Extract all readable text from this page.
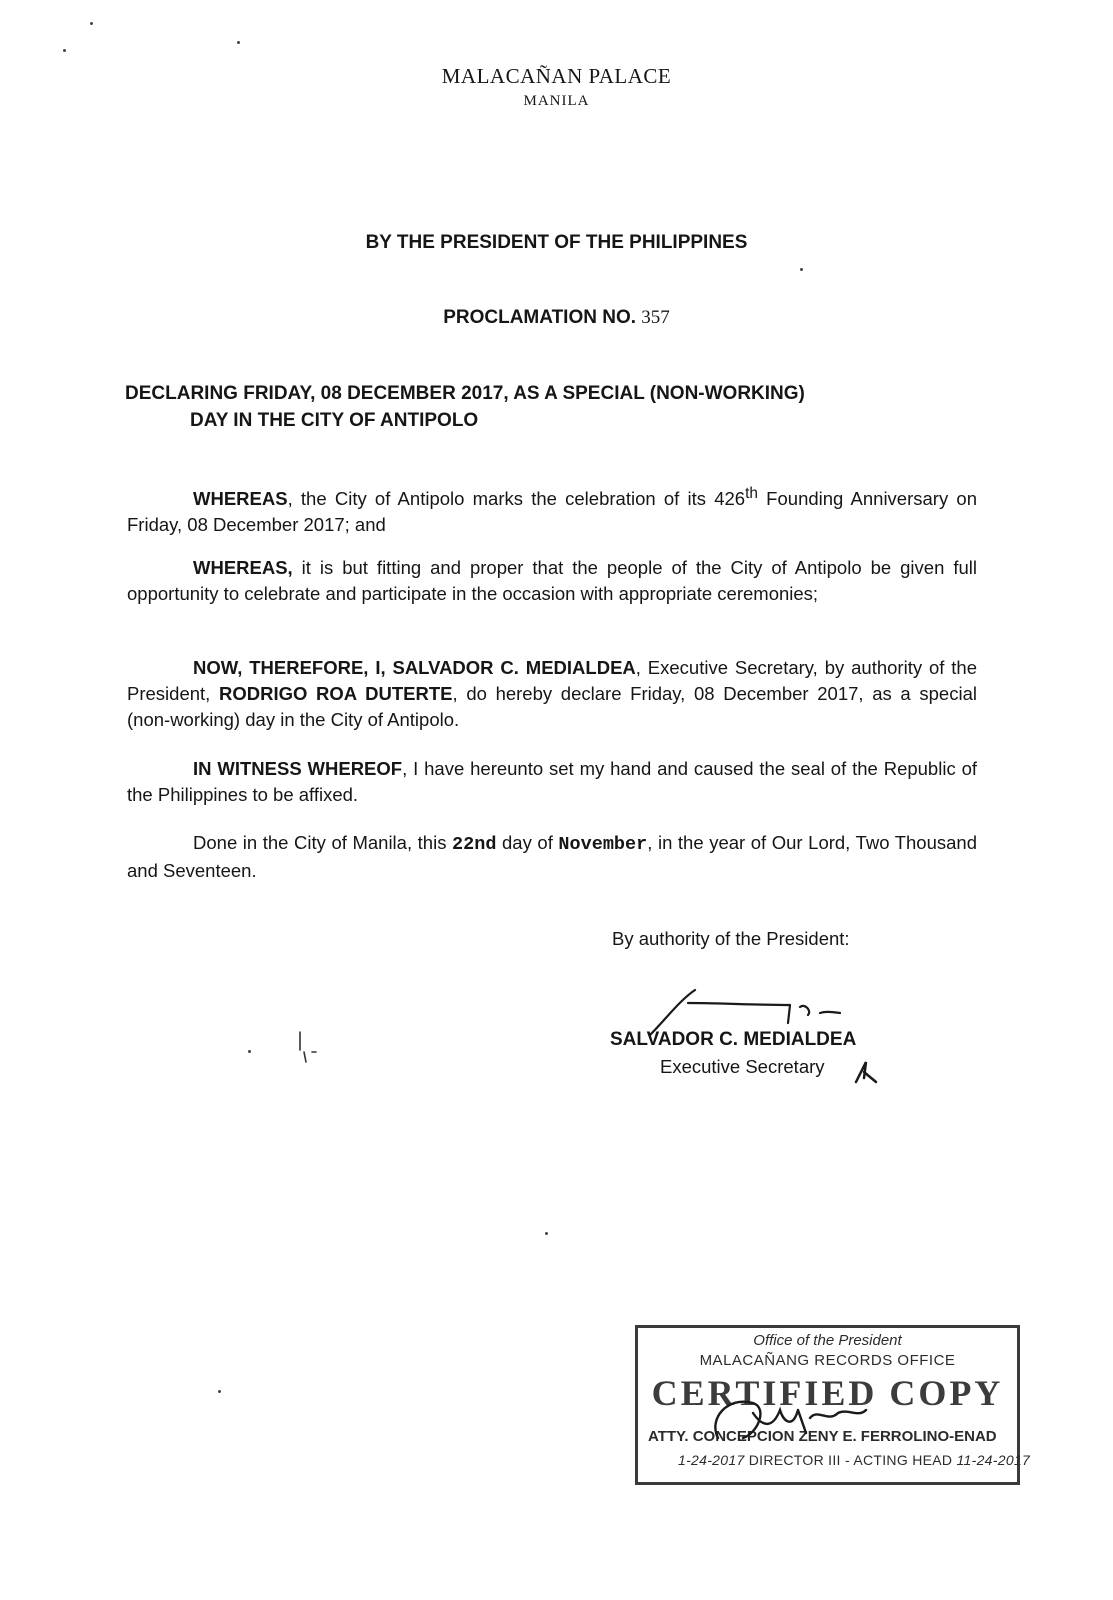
MALACAÑAN PALACE
MANILA
BY THE PRESIDENT OF THE PHILIPPINES
PROCLAMATION NO. 357
DECLARING FRIDAY, 08 DECEMBER 2017, AS A SPECIAL (NON-WORKING)
DAY IN THE CITY OF ANTIPOLO

WHEREAS, the City of Antipolo marks the celebration of its 426th Founding Anniversary on Friday, 08 December 2017; and

WHEREAS, it is but fitting and proper that the people of the City of Antipolo be given full opportunity to celebrate and participate in the occasion with appropriate ceremonies;

NOW, THEREFORE, I, SALVADOR C. MEDIALDEA, Executive Secretary, by authority of the President, RODRIGO ROA DUTERTE, do hereby declare Friday, 08 December 2017, as a special (non-working) day in the City of Antipolo.

IN WITNESS WHEREOF, I have hereunto set my hand and caused the seal of the Republic of the Philippines to be affixed.

Done in the City of Manila, this 22nd day of November, in the year of Our Lord, Two Thousand and Seventeen.

By authority of the President:
SALVADOR C. MEDIALDEA
Executive Secretary
Office of the President
MALACAÑANG RECORDS OFFICE
CERTIFIED COPY
ATTY. CONCEPCION ZENY E. FERROLINO-ENAD
1-24-2017 DIRECTOR III - ACTING HEAD 11-24-2017
